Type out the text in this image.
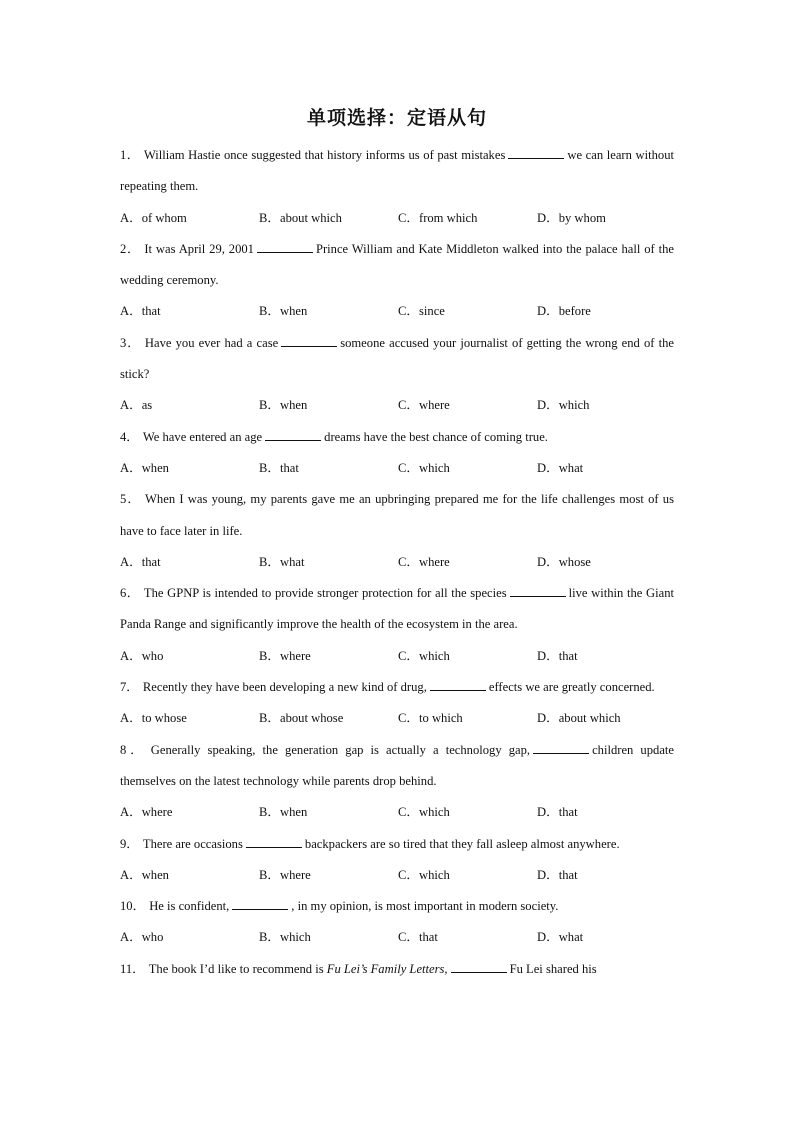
单项选择：定语从句

1． William Hastie once suggested that history informs us of past mistakes	we can learn without repeating them.

A．of whom	B．about which	C．from which	D．by whom

2． It was April 29, 2001	Prince William and Kate Middleton walked into the palace hall of the wedding ceremony.

A．that	B．when	C．since	D．before

3． Have you ever had a case	someone accused your journalist of getting the wrong end of the stick?

A．as	B．when	C．where	D．which

4． We have entered an age	dreams have the best chance of coming true.

A．when	B．that	C．which	D．what

5． When I was young, my parents gave me an upbringing prepared me for the life challenges most of us have to face later in life.

A．that	B．what	C．where	D．whose

6． The GPNP is intended to provide stronger protection for all the species	live within the Giant Panda Range and significantly improve the health of the ecosystem in the area.

A．who	B．where	C．which	D．that

7． Recently they have been developing a new kind of drug,	effects we are greatly concerned.

A．to whose	B．about whose	C．to which	D．about which

8． Generally speaking, the generation gap is actually a technology gap,	children update themselves on the latest technology while parents drop behind.

A．where	B．when	C．which	D．that

9． There are occasions	backpackers are so tired that they fall asleep almost anywhere.

A．when	B．where	C．which	D．that

10． He is confident,	, in my opinion, is most important in modern society.

A．who	B．which	C．that	D．what

11． The book I’d like to recommend is Fu Lei’s Family Letters,	Fu Lei shared his
